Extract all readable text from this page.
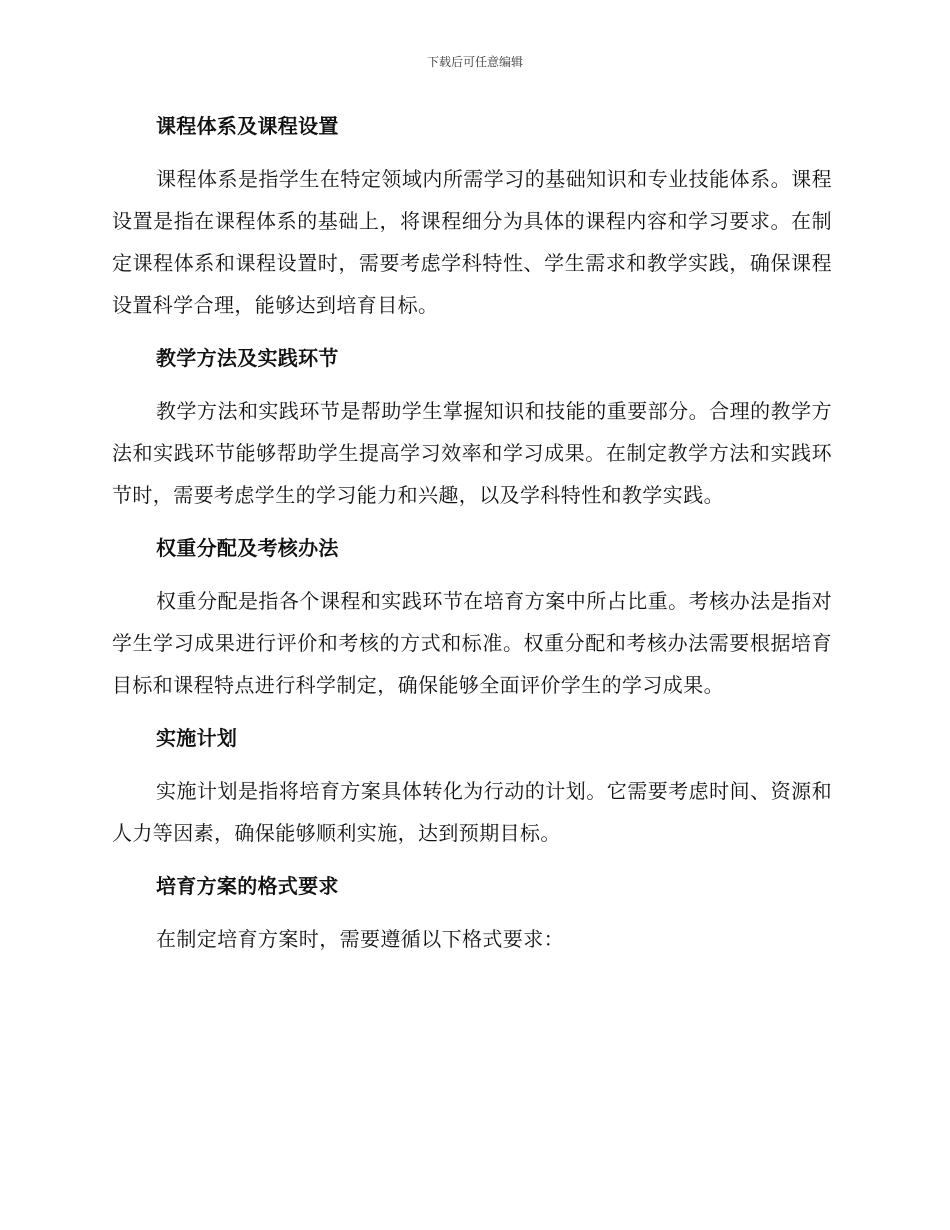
下载后可任意编辑
课程体系及课程设置

课程体系是指学生在特定领域内所需学习的基础知识和专业技能体系。课程设置是指在课程体系的基础上，将课程细分为具体的课程内容和学习要求。在制定课程体系和课程设置时，需要考虑学科特性、学生需求和教学实践，确保课程设置科学合理，能够达到培育目标。

教学方法及实践环节

教学方法和实践环节是帮助学生掌握知识和技能的重要部分。合理的教学方法和实践环节能够帮助学生提高学习效率和学习成果。在制定教学方法和实践环节时，需要考虑学生的学习能力和兴趣，以及学科特性和教学实践。

权重分配及考核办法

权重分配是指各个课程和实践环节在培育方案中所占比重。考核办法是指对学生学习成果进行评价和考核的方式和标准。权重分配和考核办法需要根据培育目标和课程特点进行科学制定，确保能够全面评价学生的学习成果。

实施计划

实施计划是指将培育方案具体转化为行动的计划。它需要考虑时间、资源和人力等因素，确保能够顺利实施，达到预期目标。

培育方案的格式要求

在制定培育方案时，需要遵循以下格式要求：
